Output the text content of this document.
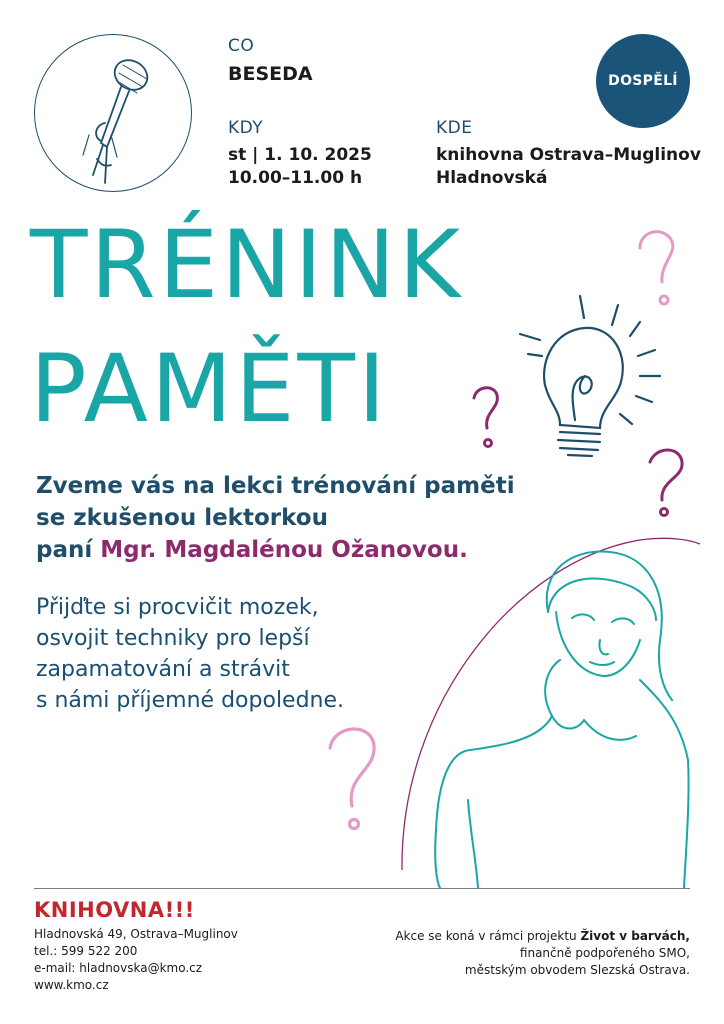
CO
BESEDA
KDY
st | 1. 10. 2025
10.00–11.00 h
KDE
knihovna Ostrava–Muglinov
Hladnovská
DOSPĚLÍ
TRÉNINK
PAMĚTI
Zveme vás na lekci trénování paměti
se zkušenou lektorkou
paní Mgr. Magdalénou Ožanovou.
Přijďte si procvičit mozek,
osvojit techniky pro lepší
zapamatování a strávit
s námi příjemné dopoledne.
KNIHOVNA!!!
Hladnovská 49, Ostrava–Muglinov
tel.: 599 522 200
e-mail: hladnovska@kmo.cz
www.kmo.cz
Akce se koná v rámci projektu Život v barvách,
finančně podpořeného SMO,
městským obvodem Slezská Ostrava.
